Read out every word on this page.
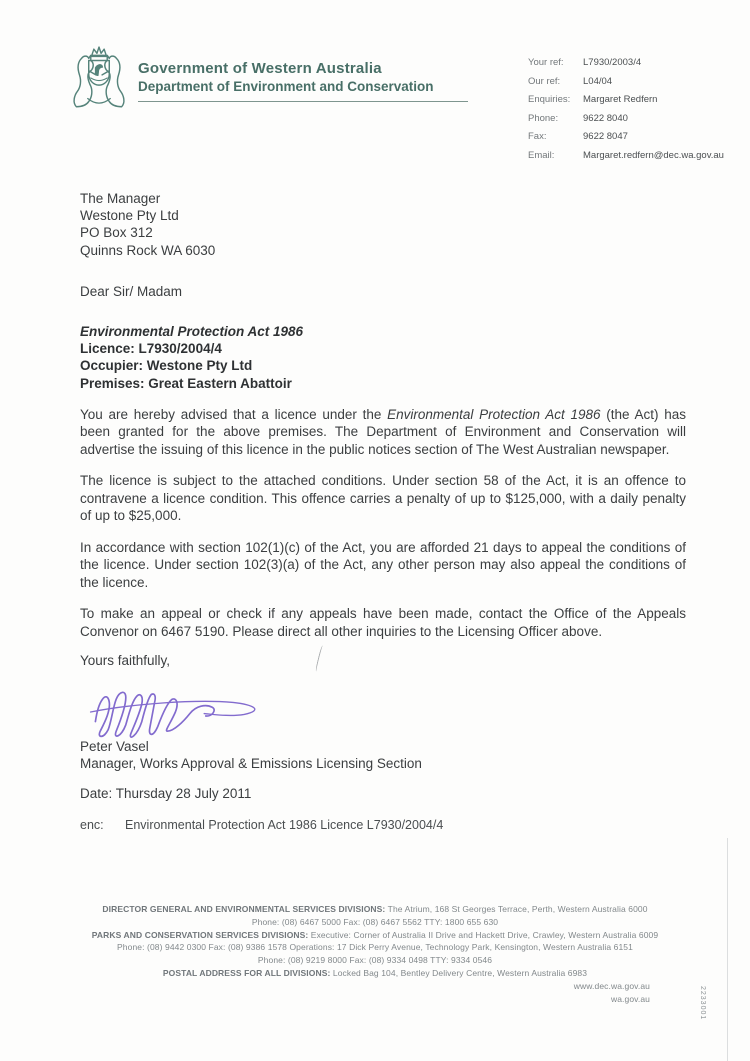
Government of Western Australia
Department of Environment and Conservation
Your ref:	L7930/2003/4
Our ref:	L04/04
Enquiries:	Margaret Redfern
Phone:	9622 8040
Fax:	9622 8047
Email:	Margaret.redfern@dec.wa.gov.au
The Manager
Westone Pty Ltd
PO Box 312
Quinns Rock WA 6030

Dear Sir/ Madam

Environmental Protection Act 1986
Licence: L7930/2004/4
Occupier: Westone Pty Ltd
Premises: Great Eastern Abattoir

You are hereby advised that a licence under the Environmental Protection Act 1986 (the Act) has been granted for the above premises. The Department of Environment and Conservation will advertise the issuing of this licence in the public notices section of The West Australian newspaper.

The licence is subject to the attached conditions. Under section 58 of the Act, it is an offence to contravene a licence condition. This offence carries a penalty of up to $125,000, with a daily penalty of up to $25,000.

In accordance with section 102(1)(c) of the Act, you are afforded 21 days to appeal the conditions of the licence. Under section 102(3)(a) of the Act, any other person may also appeal the conditions of the licence.

To make an appeal or check if any appeals have been made, contact the Office of the Appeals Convenor on 6467 5190. Please direct all other inquiries to the Licensing Officer above.

Yours faithfully,

Peter Vasel
Manager, Works Approval & Emissions Licensing Section

Date: Thursday 28 July 2011

enc:	Environmental Protection Act 1986 Licence L7930/2004/4
DIRECTOR GENERAL AND ENVIRONMENTAL SERVICES DIVISIONS: The Atrium, 168 St Georges Terrace, Perth, Western Australia 6000
Phone: (08) 6467 5000 Fax: (08) 6467 5562 TTY: 1800 655 630
PARKS AND CONSERVATION SERVICES DIVISIONS: Executive: Corner of Australia II Drive and Hackett Drive, Crawley, Western Australia 6009
Phone: (08) 9442 0300 Fax: (08) 9386 1578 Operations: 17 Dick Perry Avenue, Technology Park, Kensington, Western Australia 6151
Phone: (08) 9219 8000 Fax: (08) 9334 0498 TTY: 9334 0546
POSTAL ADDRESS FOR ALL DIVISIONS: Locked Bag 104, Bentley Delivery Centre, Western Australia 6983
www.dec.wa.gov.au
wa.gov.au	2233001
